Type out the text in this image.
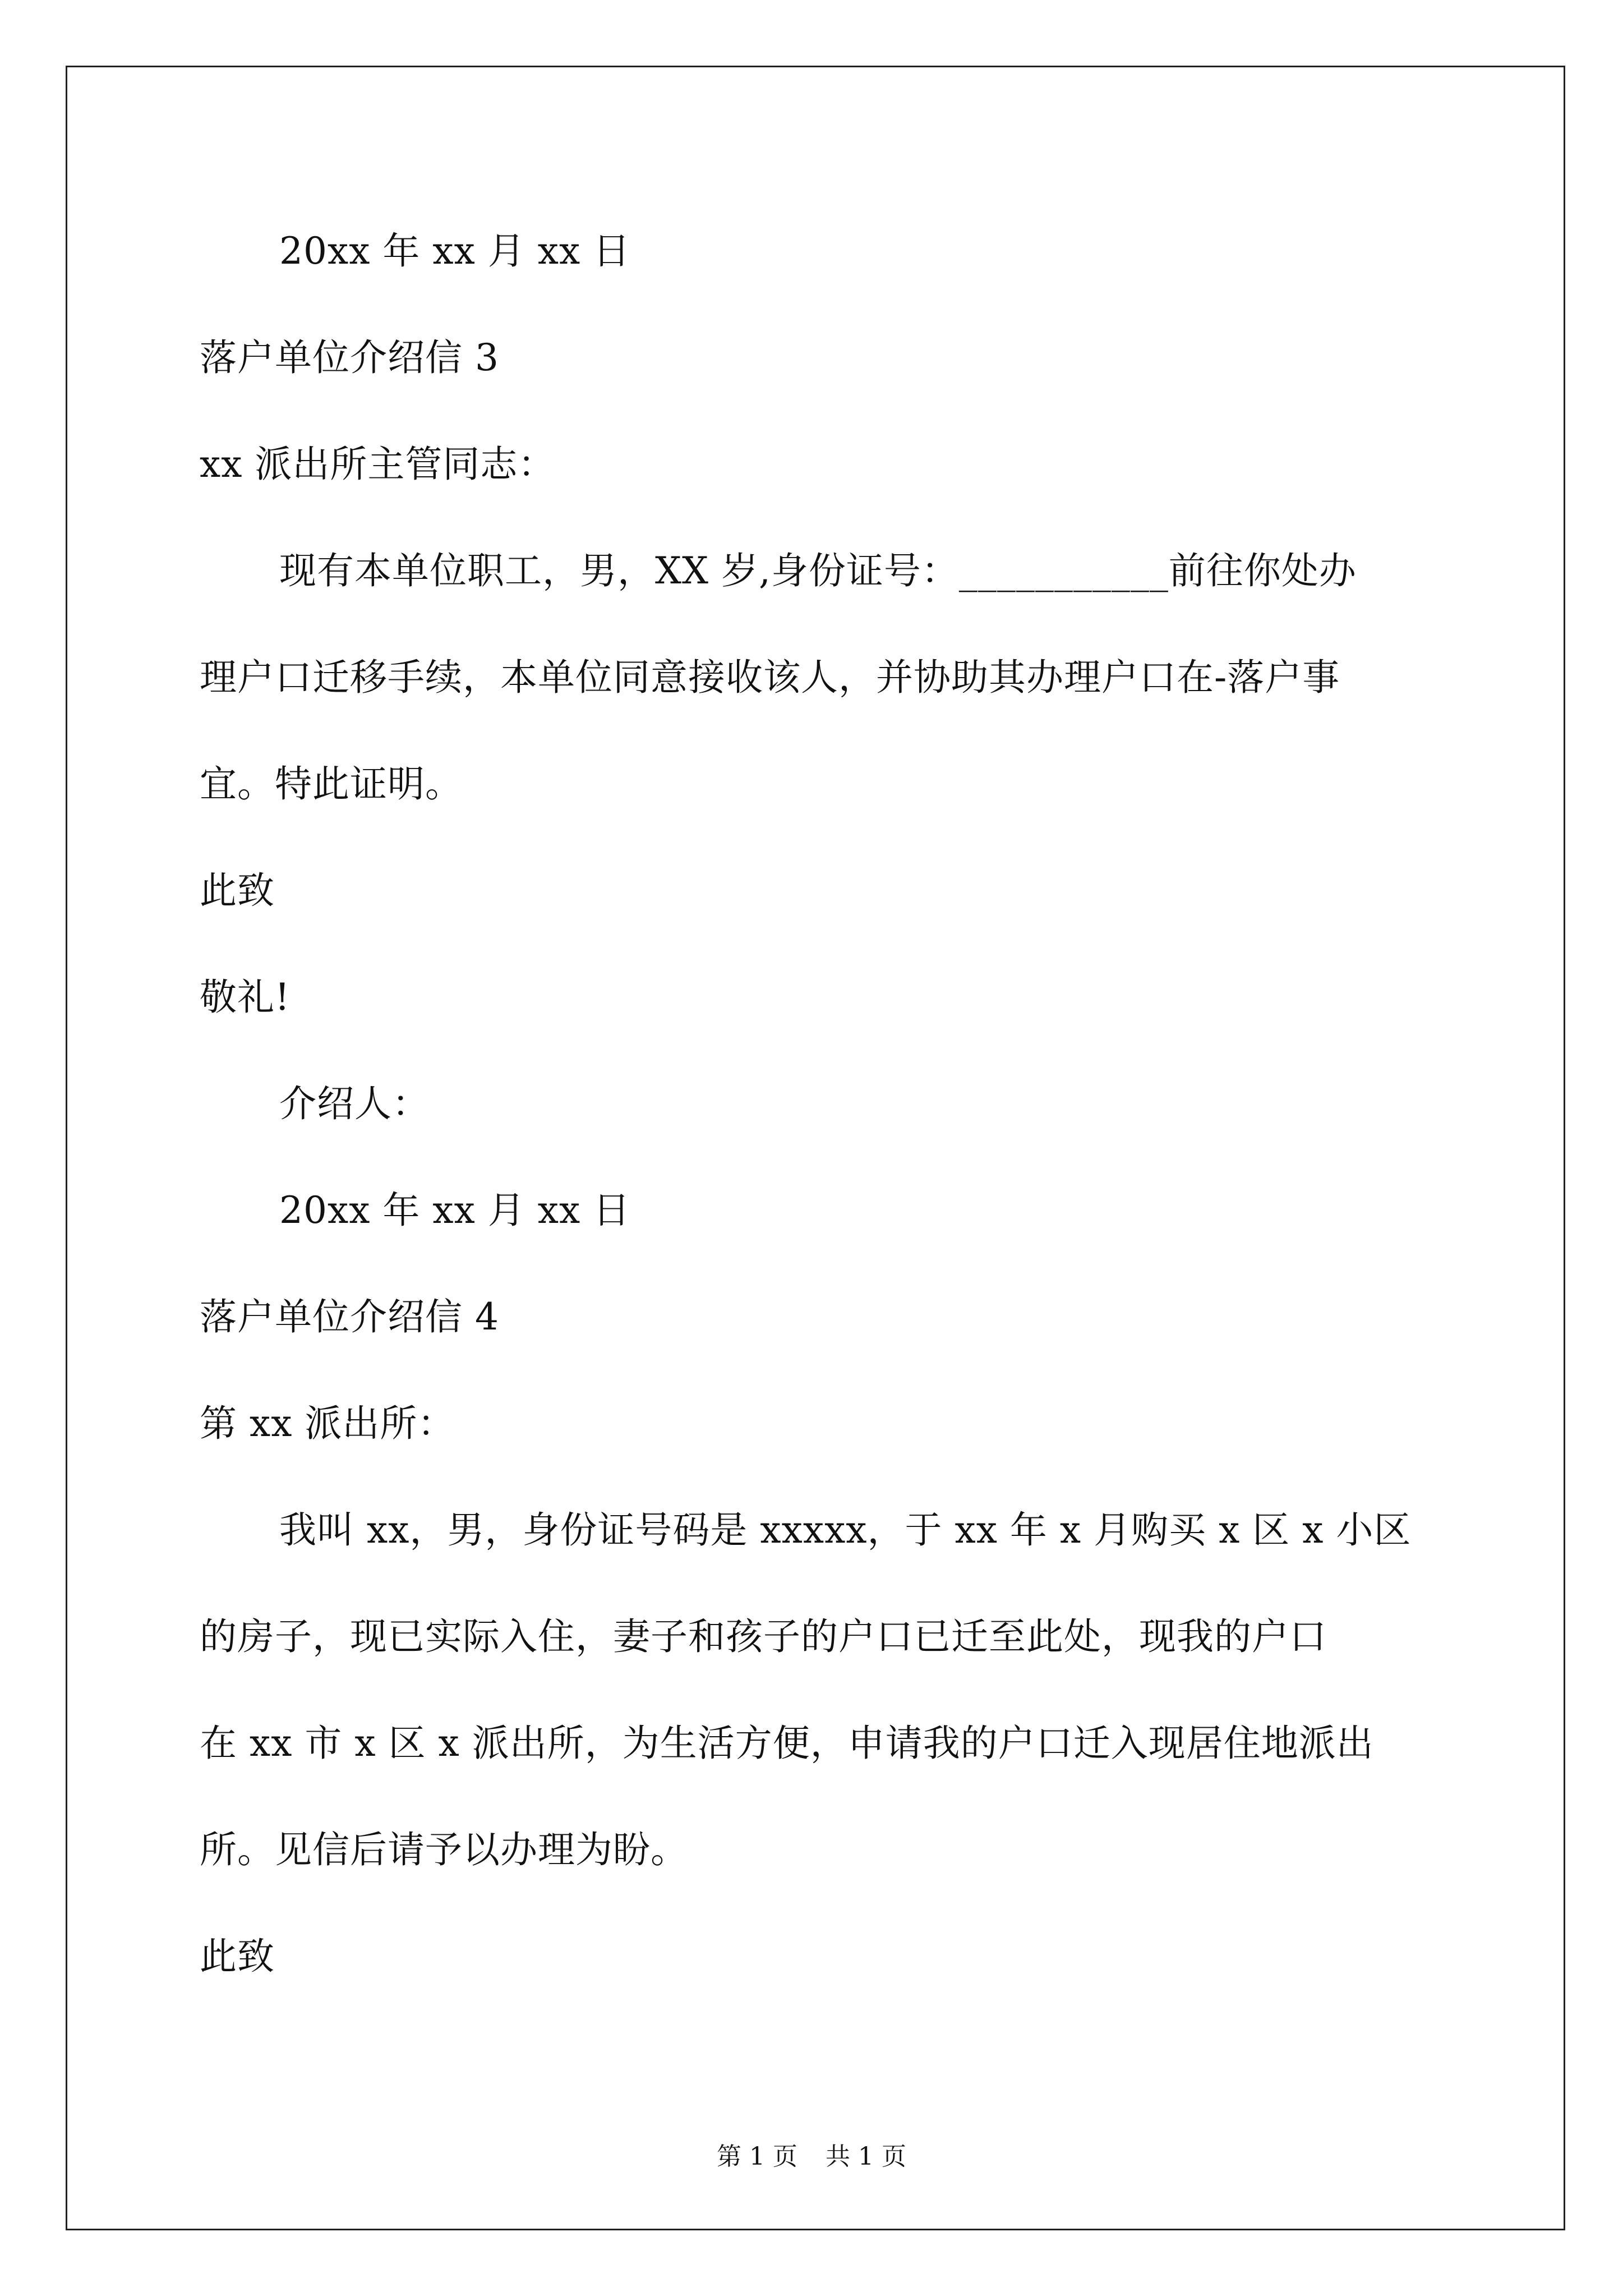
20xx 年 xx 月 xx 日
落户单位介绍信 3
xx 派出所主管同志：
现有本单位职工，男，XX 岁,身份证号：___________前往你处办
理户口迁移手续，本单位同意接收该人，并协助其办理户口在-落户事
宜。特此证明。
此致
敬礼!
介绍人：
20xx 年 xx 月 xx 日
落户单位介绍信 4
第 xx 派出所：
我叫 xx，男，身份证号码是 xxxxx，于 xx 年 x 月购买 x 区 x 小区
的房子，现已实际入住，妻子和孩子的户口已迁至此处，现我的户口
在 xx 市 x 区 x 派出所，为生活方便，申请我的户口迁入现居住地派出
所。见信后请予以办理为盼。
此致
第 1 页 共 1 页
